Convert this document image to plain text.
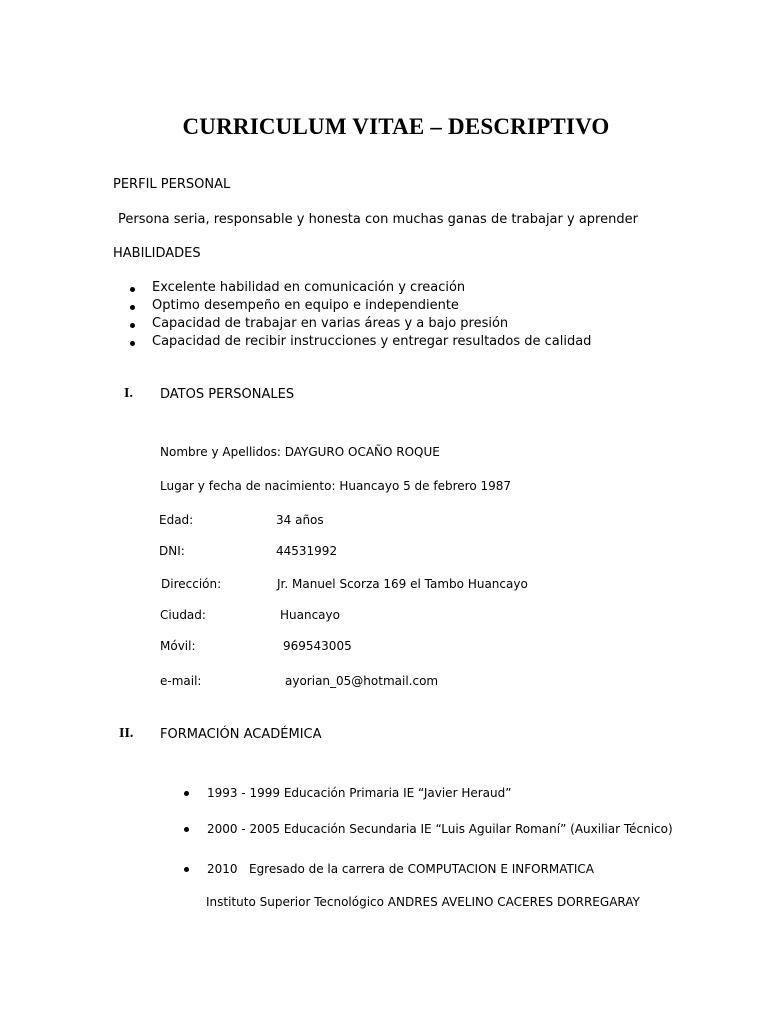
CURRICULUM VITAE – DESCRIPTIVO
PERFIL PERSONAL
Persona seria, responsable y honesta con muchas ganas de trabajar y aprender
HABILIDADES
Excelente habilidad en comunicación y creación
Optimo desempeño en equipo e independiente
Capacidad de trabajar en varias áreas y a bajo presión
Capacidad de recibir instrucciones y entregar resultados de calidad
I. DATOS PERSONALES
Nombre y Apellidos: DAYGURO OCAÑO ROQUE
Lugar y fecha de nacimiento: Huancayo 5 de febrero 1987
Edad:	34 años
DNI:	44531992
Dirección:	Jr. Manuel Scorza 169 el Tambo Huancayo
Ciudad:	Huancayo
Móvil:	969543005
e-mail:	ayorian_05@hotmail.com
II. FORMACIÓN ACADÉMICA
1993 - 1999 Educación Primaria IE “Javier Heraud”
2000 - 2005 Educación Secundaria IE “Luis Aguilar Romaní” (Auxiliar Técnico)
2010   Egresado de la carrera de COMPUTACION E INFORMATICA
Instituto Superior Tecnológico ANDRES AVELINO CACERES DORREGARAY
